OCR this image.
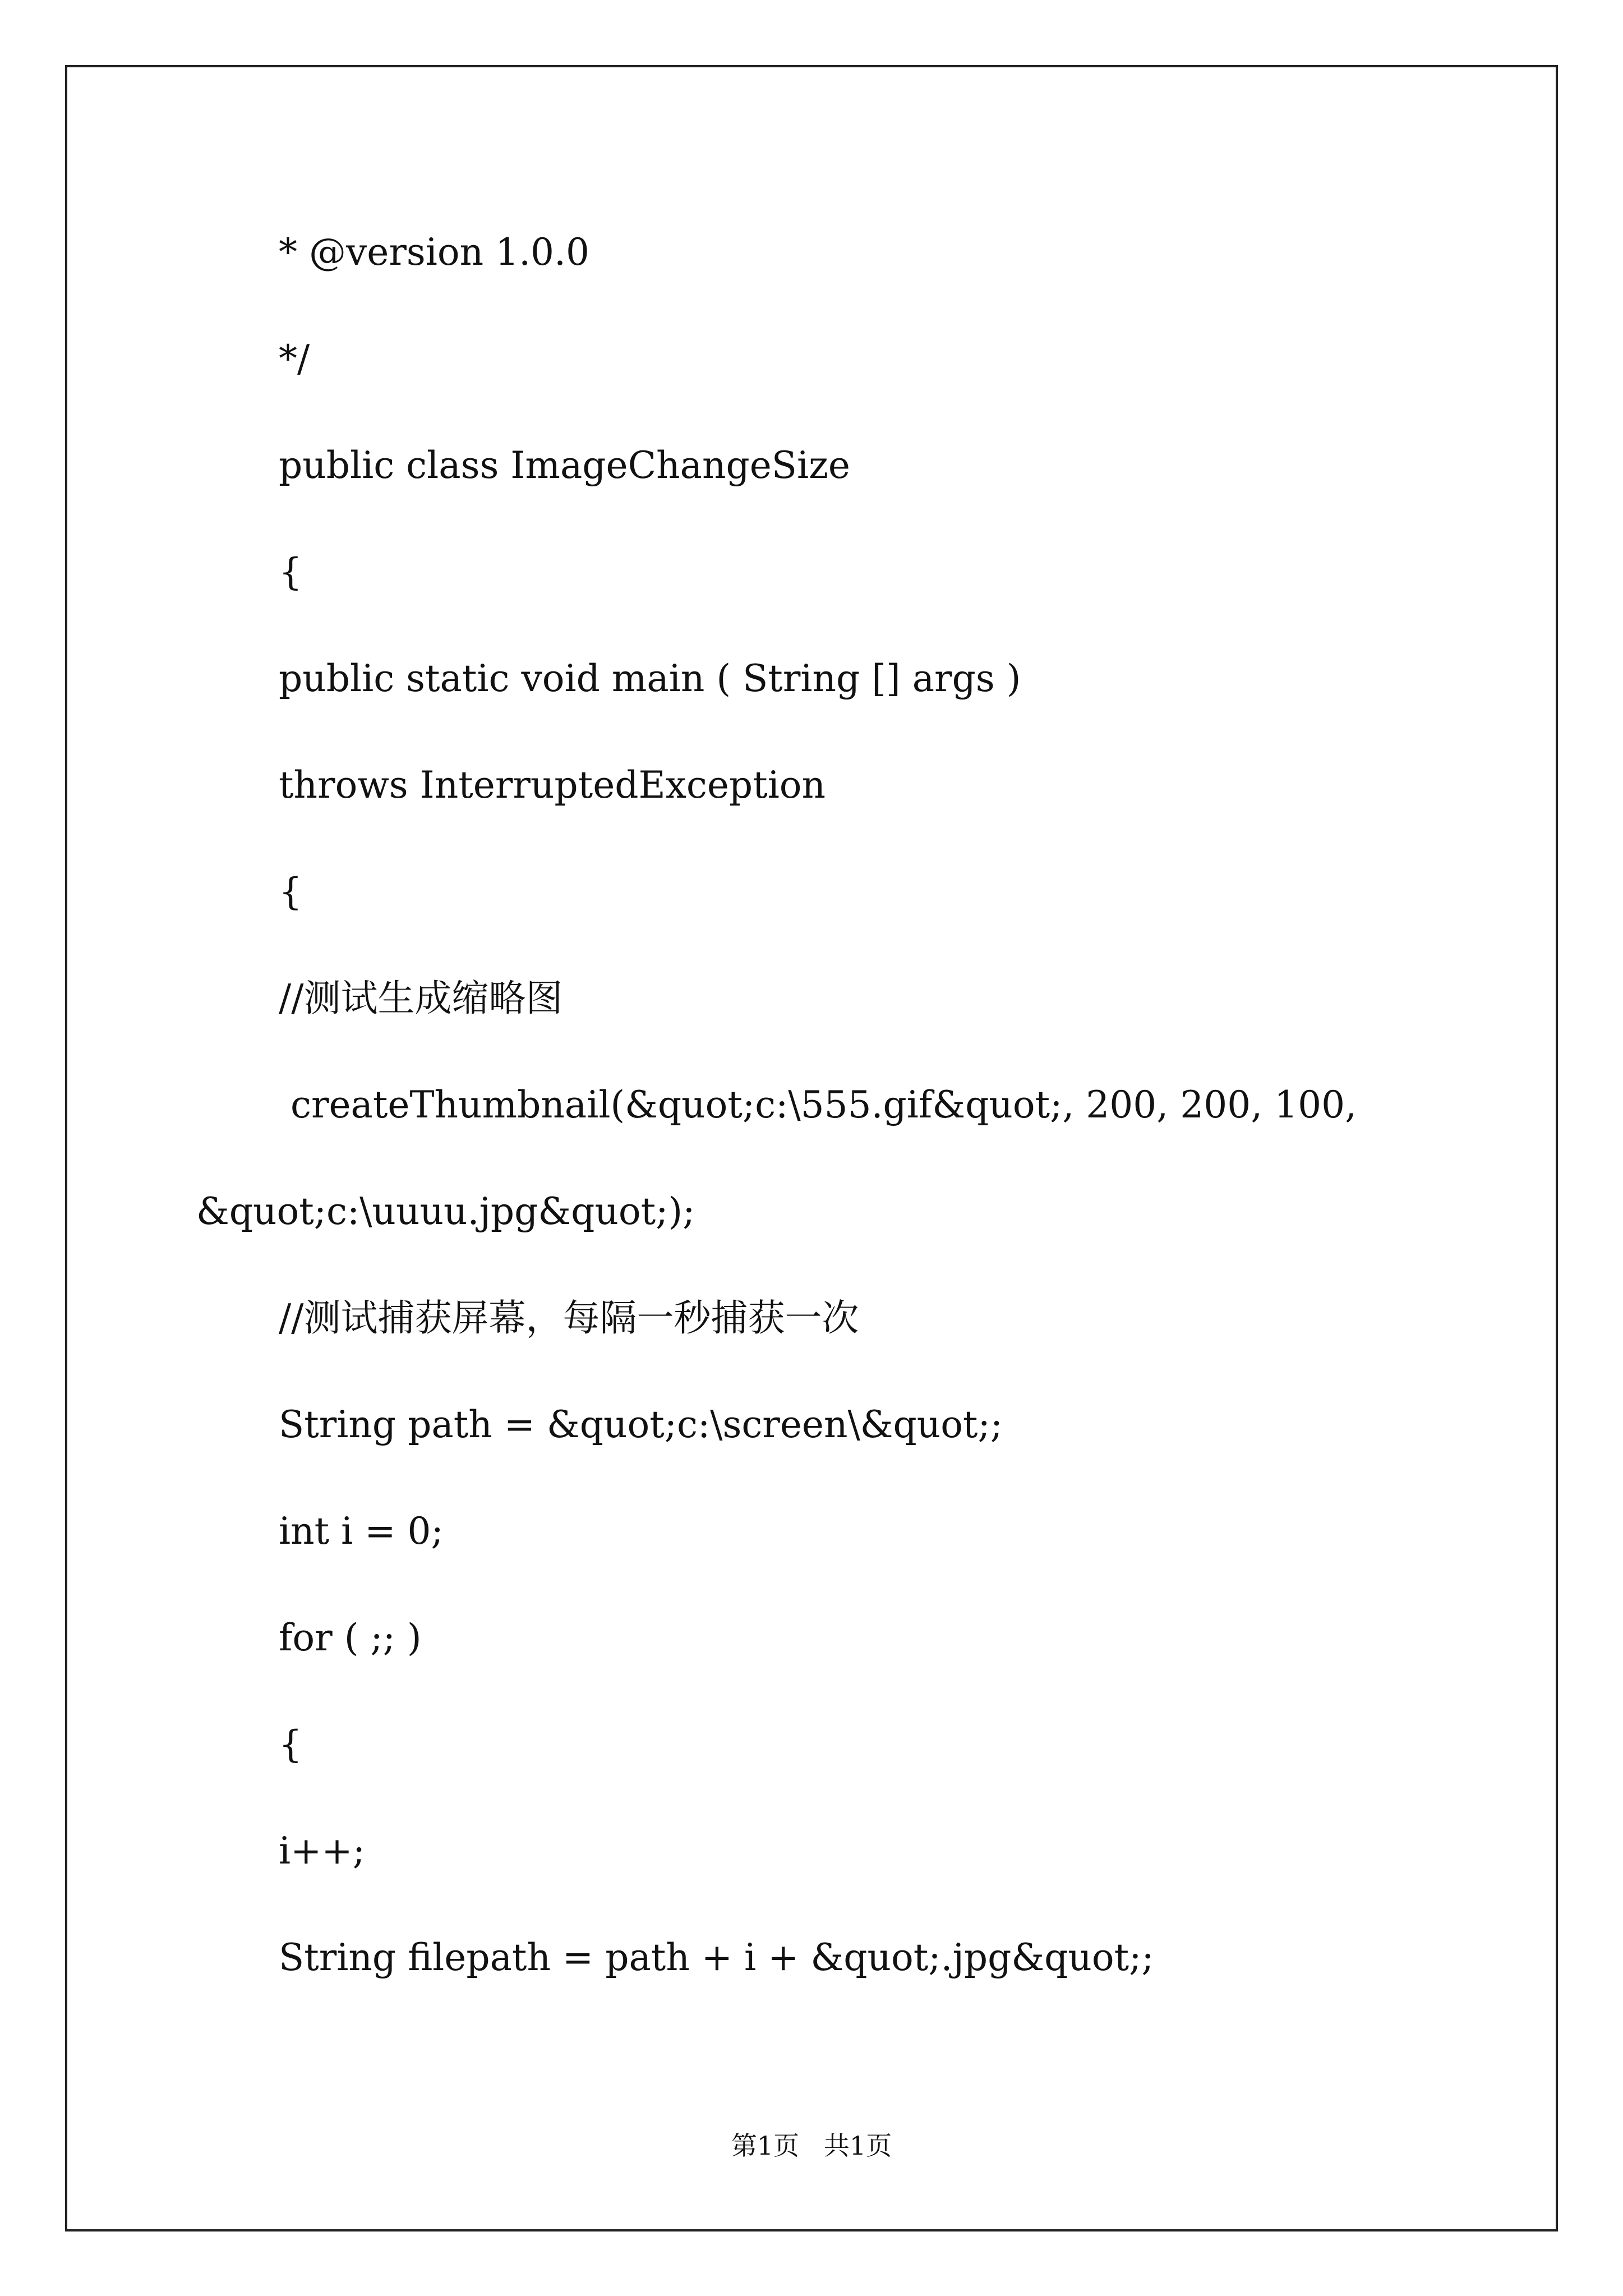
* @version 1.0.0

*/

public class ImageChangeSize

{

public static void main ( String [] args )

throws InterruptedException

{

//测试生成缩略图

createThumbnail(&quot;c:\555.gif&quot;, 200, 200, 100,

&quot;c:\uuuu.jpg&quot;);

//测试捕获屏幕，每隔一秒捕获一次

String path = &quot;c:\screen\&quot;;

int i = 0;

for ( ;; )

{

i++;

String filepath = path + i + &quot;.jpg&quot;;

第1页   共1页
